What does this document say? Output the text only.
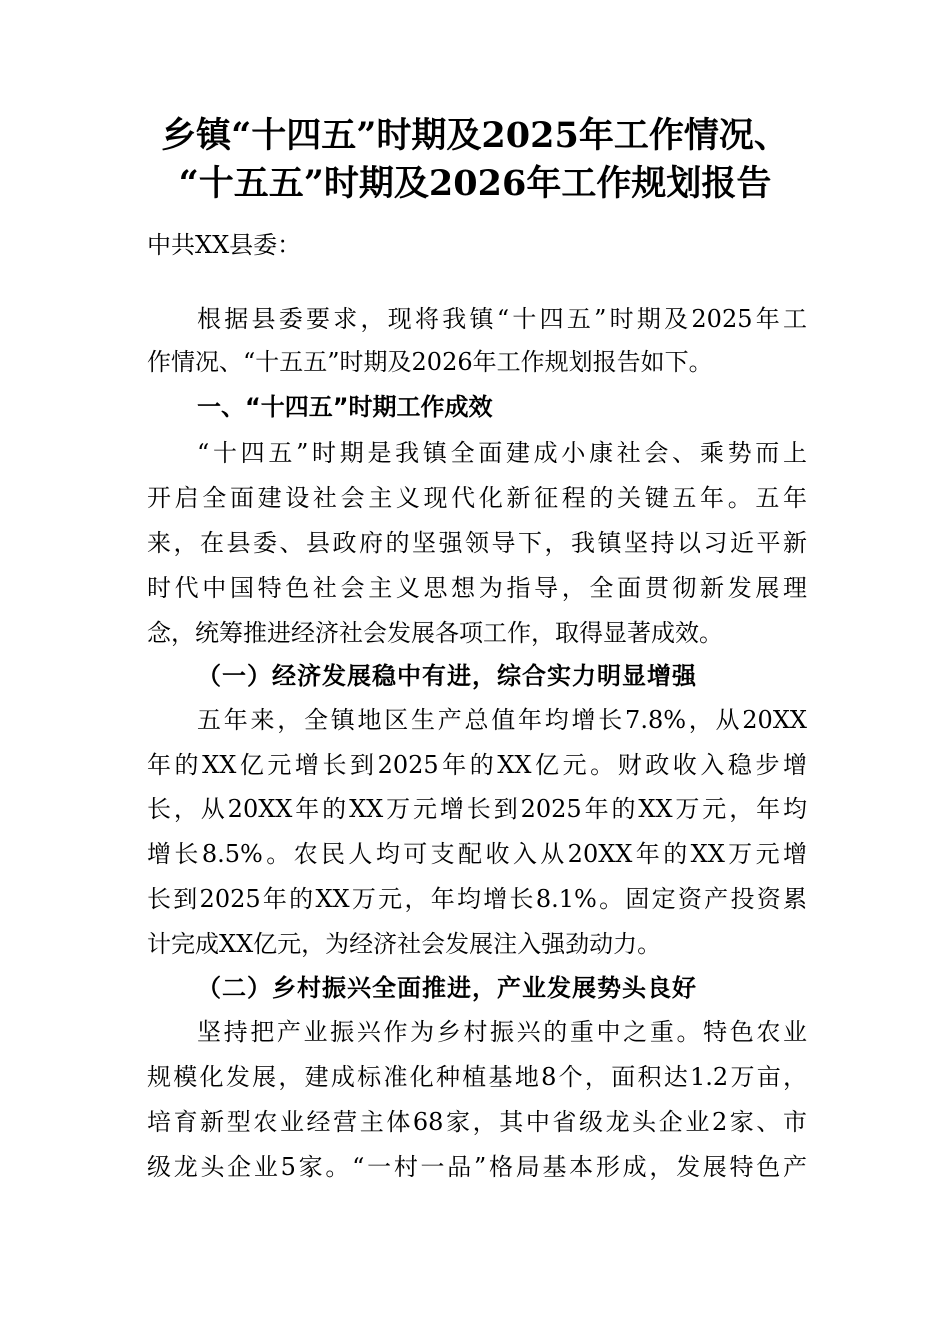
乡镇“十四五”时期及2025年工作情况、
“十五五”时期及2026年工作规划报告
中共XX县委：
根据县委要求，现将我镇“十四五”时期及2025年工
作情况、“十五五”时期及2026年工作规划报告如下。
一、“十四五”时期工作成效
“十四五”时期是我镇全面建成小康社会、乘势而上
开启全面建设社会主义现代化新征程的关键五年。五年
来，在县委、县政府的坚强领导下，我镇坚持以习近平新
时代中国特色社会主义思想为指导，全面贯彻新发展理
念，统筹推进经济社会发展各项工作，取得显著成效。
（一）经济发展稳中有进，综合实力明显增强
五年来，全镇地区生产总值年均增长7.8%，从20XX
年的XX亿元增长到2025年的XX亿元。财政收入稳步增
长，从20XX年的XX万元增长到2025年的XX万元，年均
增长8.5%。农民人均可支配收入从20XX年的XX万元增
长到2025年的XX万元，年均增长8.1%。固定资产投资累
计完成XX亿元，为经济社会发展注入强劲动力。
（二）乡村振兴全面推进，产业发展势头良好
坚持把产业振兴作为乡村振兴的重中之重。特色农业
规模化发展，建成标准化种植基地8个，面积达1.2万亩，
培育新型农业经营主体68家，其中省级龙头企业2家、市
级龙头企业5家。“一村一品”格局基本形成，发展特色产
